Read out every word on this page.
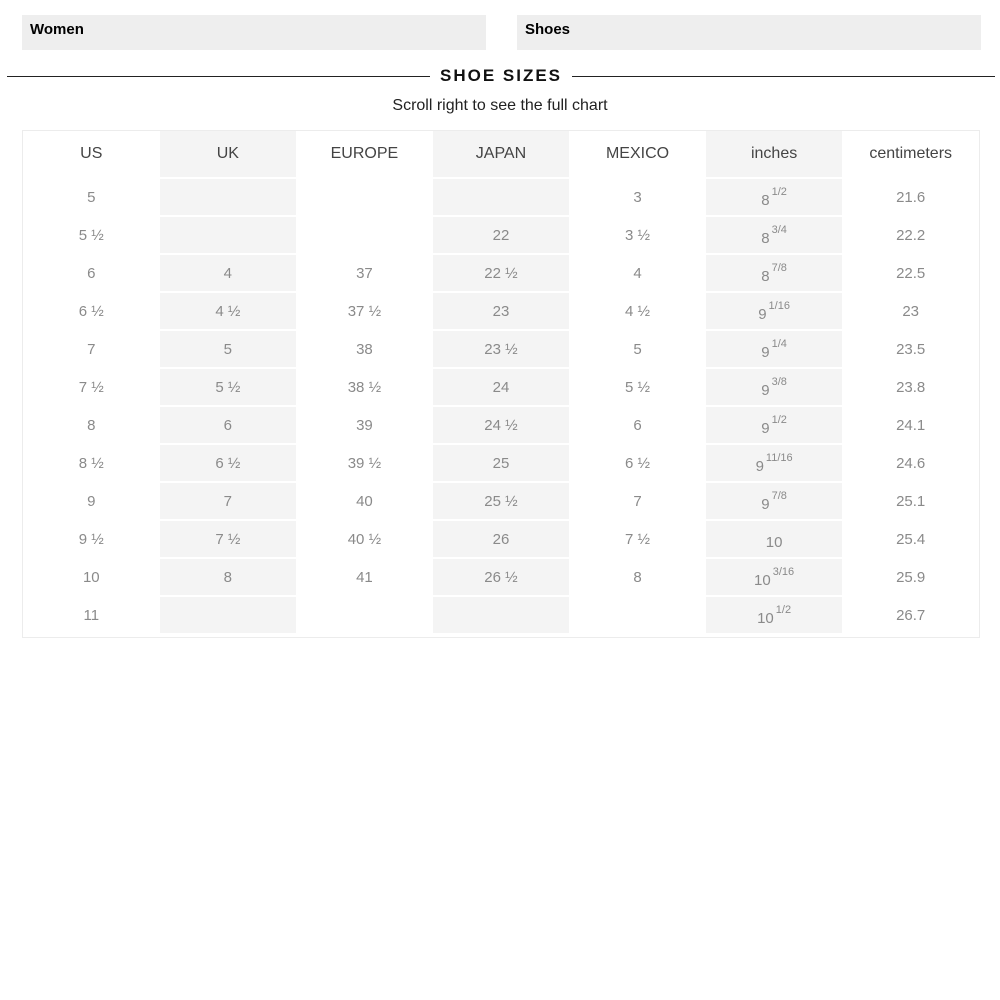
Women	Shoes
SHOE SIZES
Scroll right to see the full chart
US	UK	EUROPE	JAPAN	MEXICO	inches	centimeters
5				3	8 $^{1/2}$	21.6
5 ½			22	3 ½	8 $^{3/4}$	22.2
6	4	37	22 ½	4	8 $^{7/8}$	22.5
6 ½	4 ½	37 ½	23	4 ½	9 $^{1/16}$	23
7	5	38	23 ½	5	9 $^{1/4}$	23.5
7 ½	5 ½	38 ½	24	5 ½	9 $^{3/8}$	23.8
8	6	39	24 ½	6	9 $^{1/2}$	24.1
8 ½	6 ½	39 ½	25	6 ½	9 $^{11/16}$	24.6
9	7	40	25 ½	7	9 $^{7/8}$	25.1
9 ½	7 ½	40 ½	26	7 ½	10	25.4
10	8	41	26 ½	8	10 $^{3/16}$	25.9
11					10 $^{1/2}$	26.7
